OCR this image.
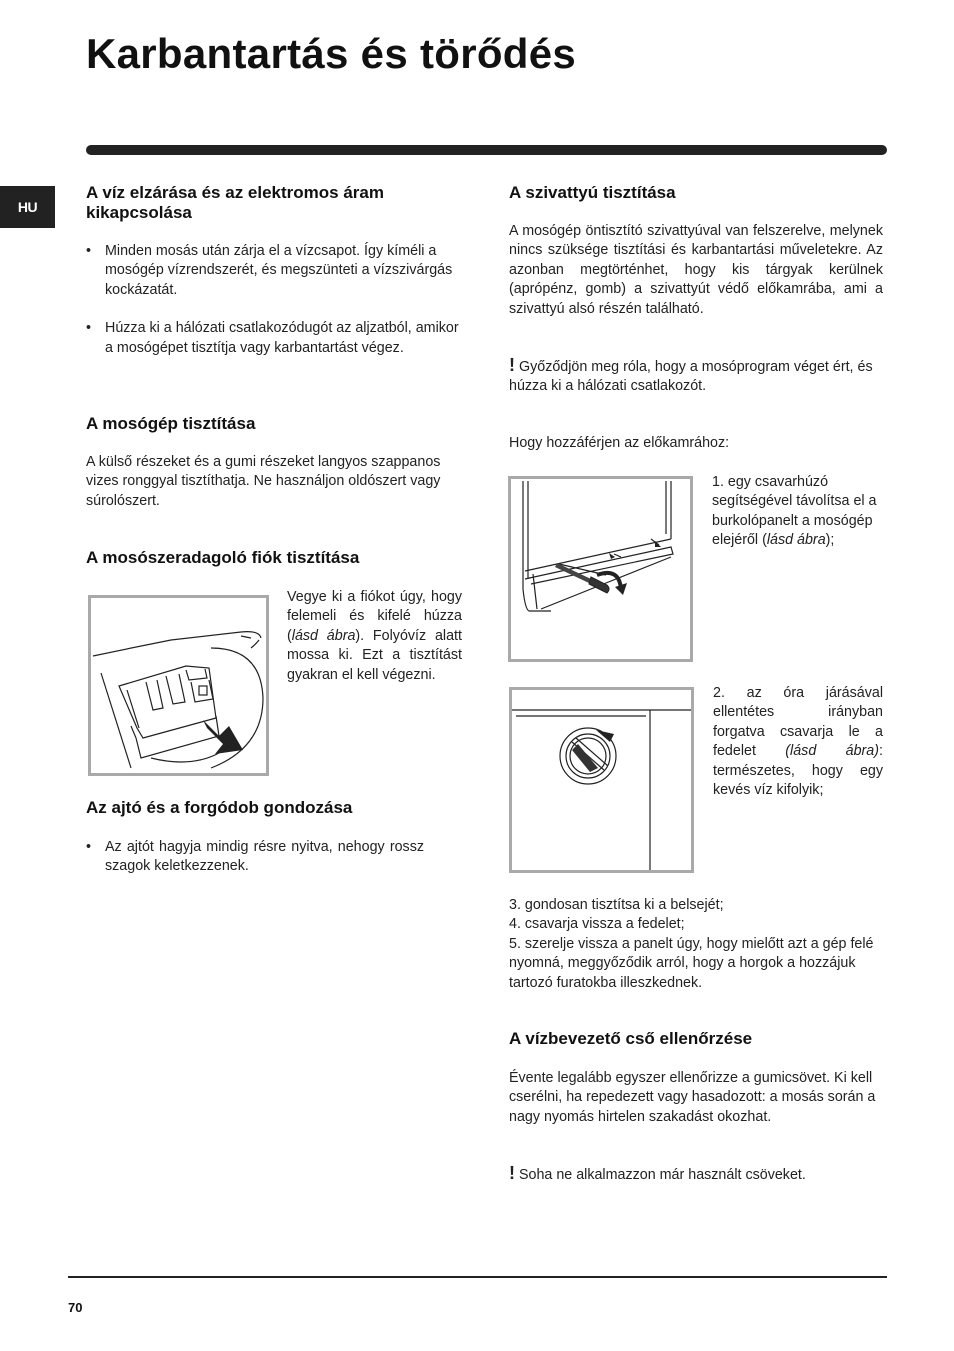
Karbantartás és törődés
HU
A víz elzárása és az elektromos áram kikapcsolása
• Minden mosás után zárja el a vízcsapot. Így kíméli a mosógép vízrendszerét, és megszünteti a vízszivárgás kockázatát.
• Húzza ki a hálózati csatlakozódugót az aljzatból, amikor a mosógépet tisztítja vagy karbantartást végez.
A mosógép tisztítása

A külső részeket és a gumi részeket langyos szappanos vizes ronggyal tisztíthatja. Ne használjon oldószert vagy súrolószert.

A mosószeradagoló fiók tisztítása

Vegye ki a fiókot úgy, hogy felemeli és kifelé húzza (lásd ábra). Folyóvíz alatt mossa ki. Ezt a tisztítást gyakran el kell végezni.

Az ajtó és a forgódob gondozása
• Az ajtót hagyja mindig résre nyitva, nehogy rossz szagok keletkezzenek.
A szivattyú tisztítása

A mosógép öntisztító szivattyúval van felszerelve, melynek nincs szüksége tisztítási és karbantartási műveletekre. Az azonban megtörténhet, hogy kis tárgyak kerülnek (aprópénz, gomb) a szivattyút védő előkamrába, ami a szivattyú alsó részén található.

! Győződjön meg róla, hogy a mosóprogram véget ért, és húzza ki a hálózati csatlakozót.

Hogy hozzáférjen az előkamrához:

1. egy csavarhúzó segítségével távolítsa el a burkolópanelt a mosógép elejéről (lásd ábra);

2. az óra járásával ellentétes irányban forgatva csavarja le a fedelet (lásd ábra): természetes, hogy egy kevés víz kifolyik;

3. gondosan tisztítsa ki a belsejét;

4. csavarja vissza a fedelet;

5. szerelje vissza a panelt úgy, hogy mielőtt azt a gép felé nyomná, meggyőződik arról, hogy a horgok a hozzájuk tartozó furatokba illeszkednek.

A vízbevezető cső ellenőrzése

Évente legalább egyszer ellenőrizze a gumicsövet. Ki kell cserélni, ha repedezett vagy hasadozott: a mosás során a nagy nyomás hirtelen szakadást okozhat.

! Soha ne alkalmazzon már használt csöveket.

70
